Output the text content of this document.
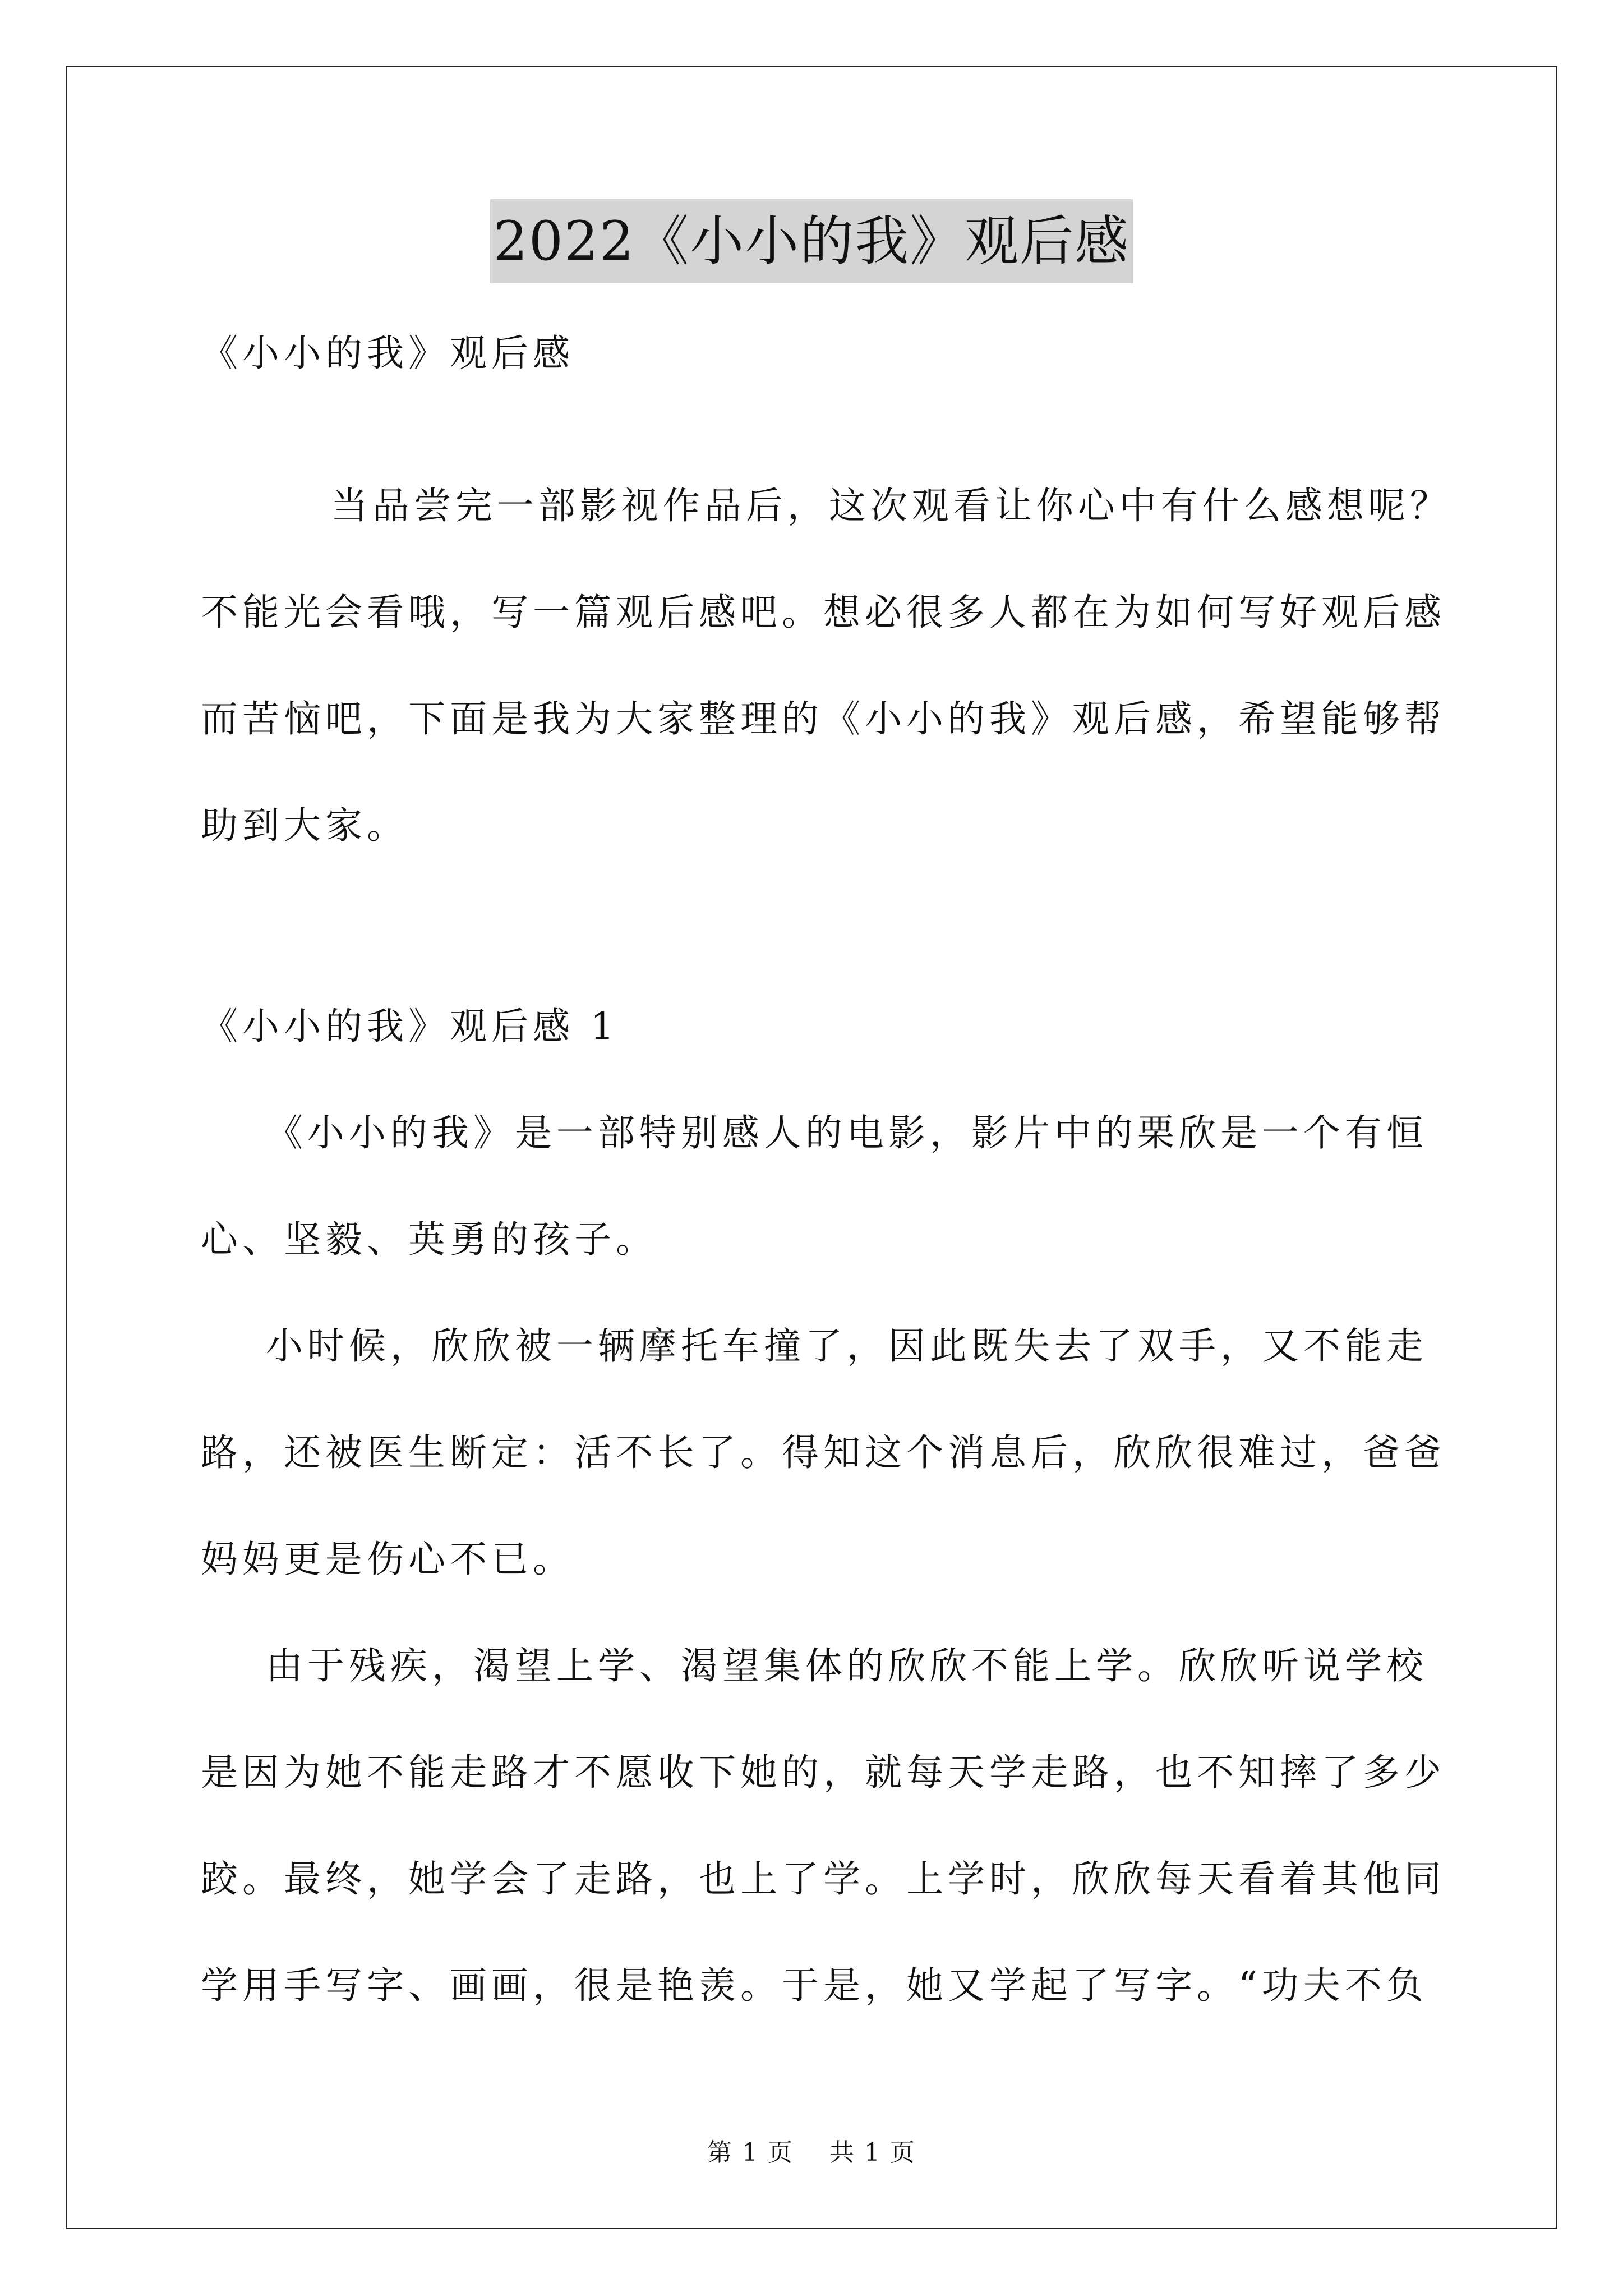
2022《小小的我》观后感
《小小的我》观后感
当品尝完一部影视作品后，这次观看让你心中有什么感想呢？
不能光会看哦，写一篇观后感吧。想必很多人都在为如何写好观后感
而苦恼吧，下面是我为大家整理的《小小的我》观后感，希望能够帮
助到大家。
《小小的我》观后感 1
《小小的我》是一部特别感人的电影，影片中的栗欣是一个有恒
心、坚毅、英勇的孩子。
小时候，欣欣被一辆摩托车撞了，因此既失去了双手，又不能走
路，还被医生断定：活不长了。得知这个消息后，欣欣很难过，爸爸
妈妈更是伤心不已。
由于残疾，渴望上学、渴望集体的欣欣不能上学。欣欣听说学校
是因为她不能走路才不愿收下她的，就每天学走路，也不知摔了多少
跤。最终，她学会了走路，也上了学。上学时，欣欣每天看着其他同
学用手写字、画画，很是艳羡。于是，她又学起了写字。“功夫不负
第 1 页    共 1 页
